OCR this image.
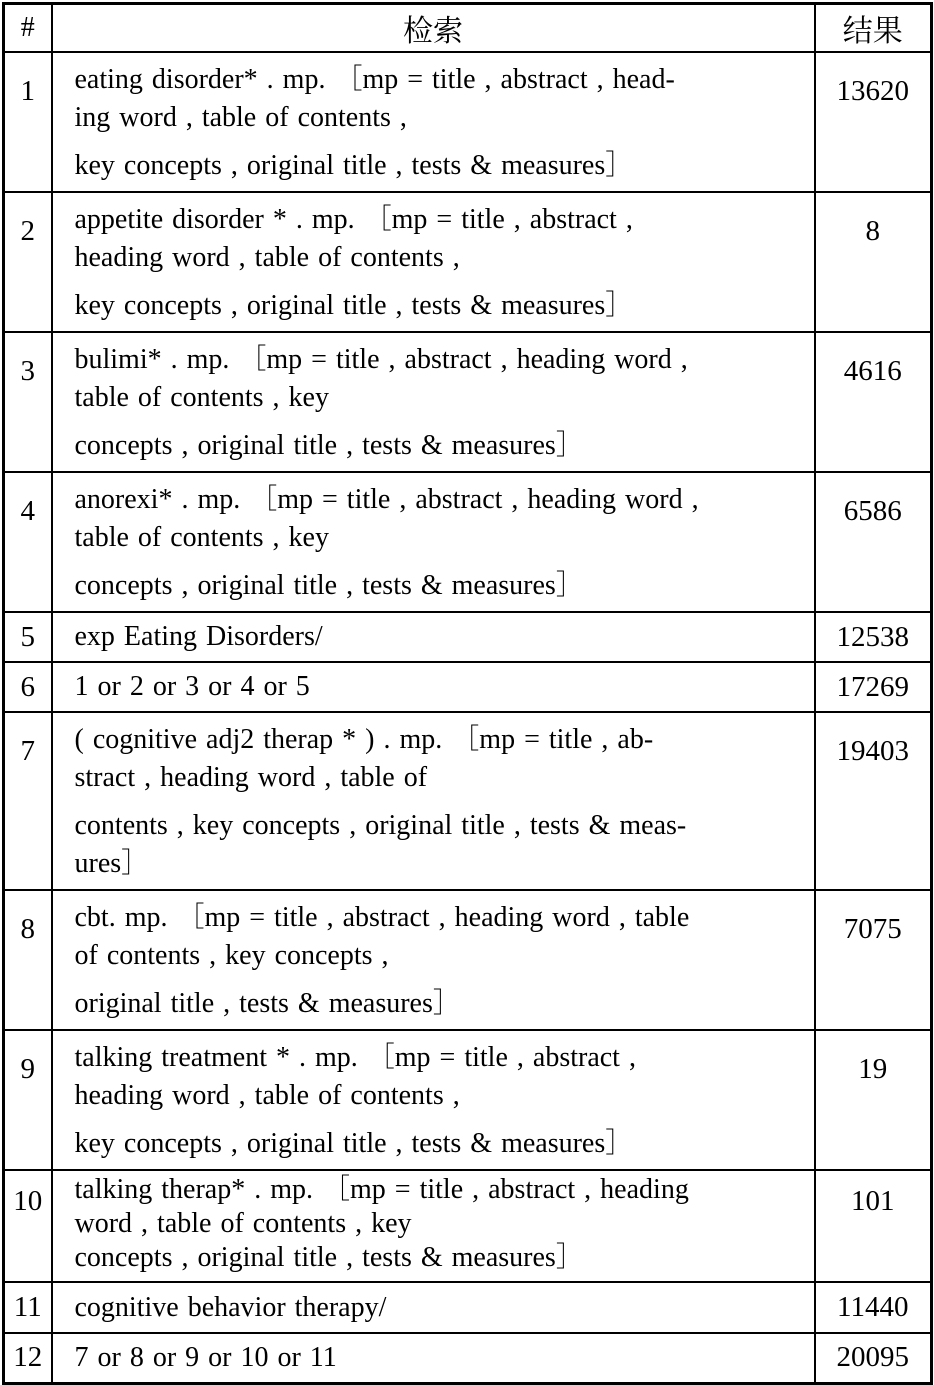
#	检索	结果
1	eating disorder* . mp. ［mp = title , abstract , head-
ing word , table of contents ,
key concepts , original title , tests & measures］	13620
2	appetite disorder * . mp. ［mp = title , abstract ,
heading word , table of contents ,
key concepts , original title , tests & measures］	8
3	bulimi* . mp. ［mp = title , abstract , heading word ,
table of contents , key
concepts , original title , tests & measures］	4616
4	anorexi* . mp. ［mp = title , abstract , heading word ,
table of contents , key
concepts , original title , tests & measures］	6586
5	exp Eating Disorders/	12538
6	1 or 2 or 3 or 4 or 5	17269
7	( cognitive adj2 therap * ) . mp. ［mp = title , ab-
stract , heading word , table of
contents , key concepts , original title , tests & meas-
ures］	19403
8	cbt. mp. ［mp = title , abstract , heading word , table
of contents , key concepts ,
original title , tests & measures］	7075
9	talking treatment * . mp. ［mp = title , abstract ,
heading word , table of contents ,
key concepts , original title , tests & measures］	19
10	talking therap* . mp. ［mp = title , abstract , heading
word , table of contents , key
concepts , original title , tests & measures］	101
11	cognitive behavior therapy/	11440
12	7 or 8 or 9 or 10 or 11	20095
